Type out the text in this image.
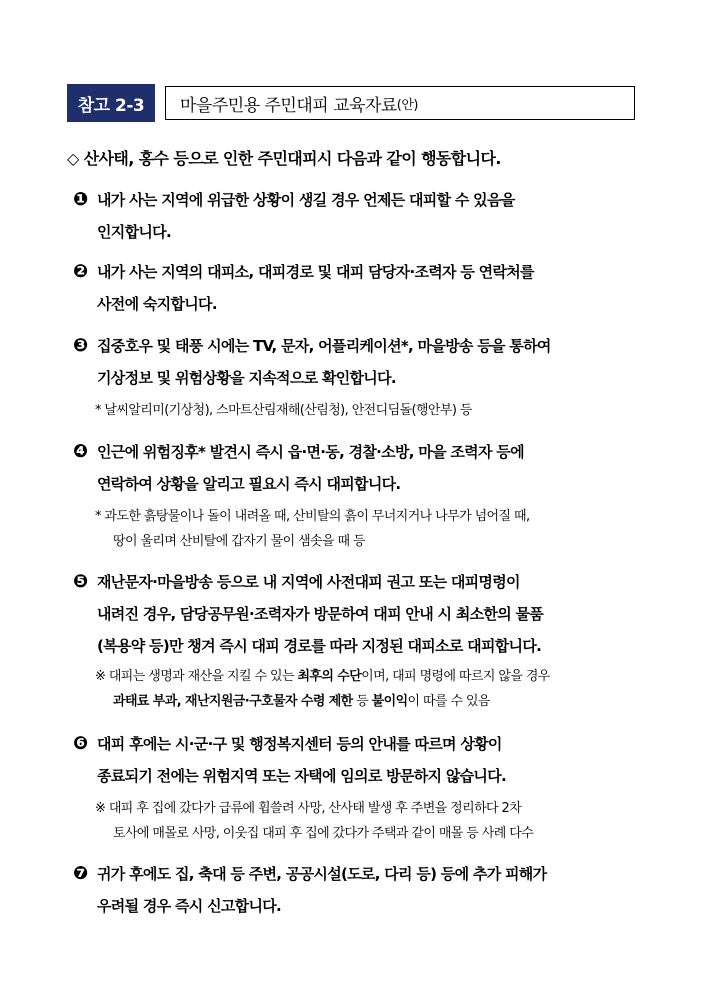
참고 2-3	마을주민용 주민대피 교육자료 (안)
◇ 산사태, 홍수 등으로 인한 주민대피시 다음과 같이 행동합니다.
❶ 내가 사는 지역에 위급한 상황이 생길 경우 언제든 대피할 수 있음을
인지합니다.
❷ 내가 사는 지역의 대피소, 대피경로 및 대피 담당자·조력자 등 연락처를
사전에 숙지합니다.
❸ 집중호우 및 태풍 시에는 TV, 문자, 어플리케이션*, 마을방송 등을 통하여
기상정보 및 위험상황을 지속적으로 확인합니다.
* 날씨알리미(기상청), 스마트산림재해(산림청), 안전디딤돌(행안부) 등
❹ 인근에 위험징후* 발견시 즉시 읍·면·동, 경찰·소방, 마을 조력자 등에
연락하여 상황을 알리고 필요시 즉시 대피합니다.
* 과도한 흙탕물이나 돌이 내려올 때, 산비탈의 흙이 무너지거나 나무가 넘어질 때,
땅이 울리며 산비탈에 갑자기 물이 샘솟을 때 등
❺ 재난문자·마을방송 등으로 내 지역에 사전대피 권고 또는 대피명령이
내려진 경우, 담당공무원·조력자가 방문하여 대피 안내 시 최소한의 물품
(복용약 등)만 챙겨 즉시 대피 경로를 따라 지정된 대피소로 대피합니다.
※ 대피는 생명과 재산을 지킬 수 있는 최후의 수단이며, 대피 명령에 따르지 않을 경우
과태료 부과, 재난지원금·구호물자 수령 제한 등 불이익이 따를 수 있음
❻ 대피 후에는 시·군·구 및 행정복지센터 등의 안내를 따르며 상황이
종료되기 전에는 위험지역 또는 자택에 임의로 방문하지 않습니다.
※ 대피 후 집에 갔다가 급류에 휩쓸려 사망, 산사태 발생 후 주변을 정리하다 2차
토사에 매몰로 사망, 이웃집 대피 후 집에 갔다가 주택과 같이 매몰 등 사례 다수
❼ 귀가 후에도 집, 축대 등 주변, 공공시설(도로, 다리 등) 등에 추가 피해가
우려될 경우 즉시 신고합니다.
